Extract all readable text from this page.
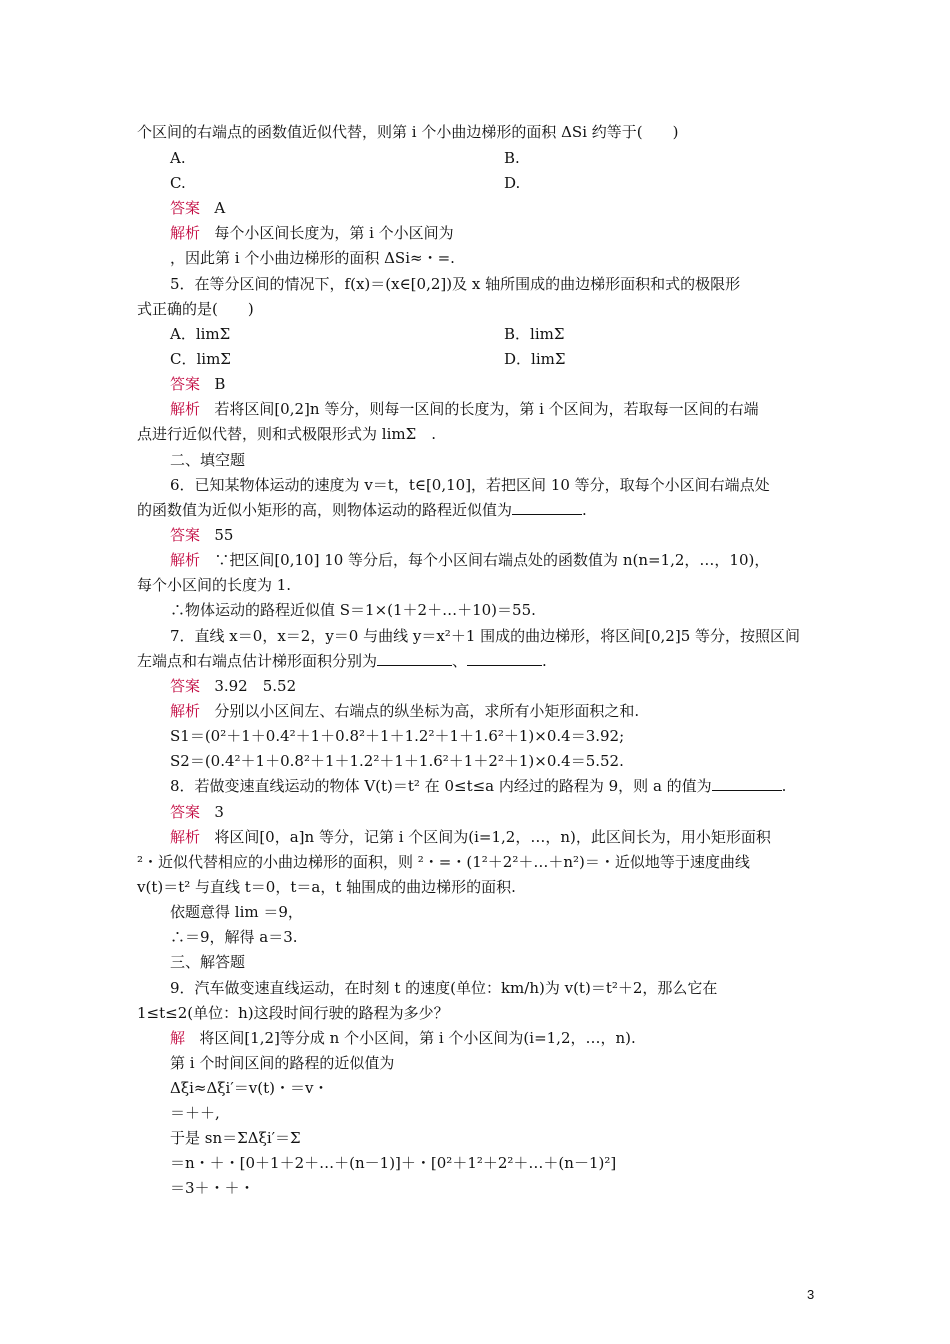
个区间的右端点的函数值近似代替，则第 i 个小曲边梯形的面积 ΔSi 约等于(　　)
A.	B.
C.	D.
答案 A
解析 每个小区间长度为，第 i 个小区间为
，因此第 i 个小曲边梯形的面积 ΔSi≈・=.
5．在等分区间的情况下，f(x)＝(x∈[0,2])及 x 轴所围成的曲边梯形面积和式的极限形
式正确的是(　　)
A．limΣ	B．limΣ
C．limΣ	D．limΣ
答案 B
解析 若将区间[0,2]n 等分，则每一区间的长度为，第 i 个区间为，若取每一区间的右端
点进行近似代替，则和式极限形式为 limΣ　.
二、填空题
6．已知某物体运动的速度为 v＝t，t∈[0,10]，若把区间 10 等分，取每个小区间右端点处
的函数值为近似小矩形的高，则物体运动的路程近似值为	.
答案 55
解析 ∵把区间[0,10] 10 等分后，每个小区间右端点处的函数值为 n(n=1,2，…，10)，
每个小区间的长度为 1.
∴物体运动的路程近似值 S＝1×(1＋2＋…＋10)＝55.
7．直线 x＝0，x＝2，y＝0 与曲线 y＝x²＋1 围成的曲边梯形，将区间[0,2]5 等分，按照区间
左端点和右端点估计梯形面积分别为	、	.
答案 3.92　5.52
解析 分别以小区间左、右端点的纵坐标为高，求所有小矩形面积之和.
S1＝(0²＋1＋0.4²＋1＋0.8²＋1＋1.2²＋1＋1.6²＋1)×0.4＝3.92;
S2＝(0.4²＋1＋0.8²＋1＋1.2²＋1＋1.6²＋1＋2²＋1)×0.4＝5.52.
8．若做变速直线运动的物体 V(t)＝t² 在 0≤t≤a 内经过的路程为 9，则 a 的值为	.
答案 3
解析 将区间[0，a]n 等分，记第 i 个区间为(i=1,2，…，n)，此区间长为，用小矩形面积
²・近似代替相应的小曲边梯形的面积，则 ²・=・(1²＋2²＋…＋n²)＝・近似地等于速度曲线
v(t)＝t² 与直线 t＝0，t＝a，t 轴围成的曲边梯形的面积.
依题意得 lim ＝9，
∴＝9，解得 a＝3.
三、解答题
9．汽车做变速直线运动，在时刻 t 的速度(单位：km/h)为 v(t)＝t²＋2，那么它在
1≤t≤2(单位：h)这段时间行驶的路程为多少？
解 将区间[1,2]等分成 n 个小区间，第 i 个小区间为(i=1,2，…，n).
第 i 个时间区间的路程的近似值为
Δξi≈Δξi′＝v(t)・＝v・
＝＋＋,
于是 sn＝ΣΔξi′＝Σ
＝n・＋・[0＋1＋2＋…＋(n－1)]＋・[0²＋1²＋2²＋…＋(n－1)²]
＝3＋・＋・
3
